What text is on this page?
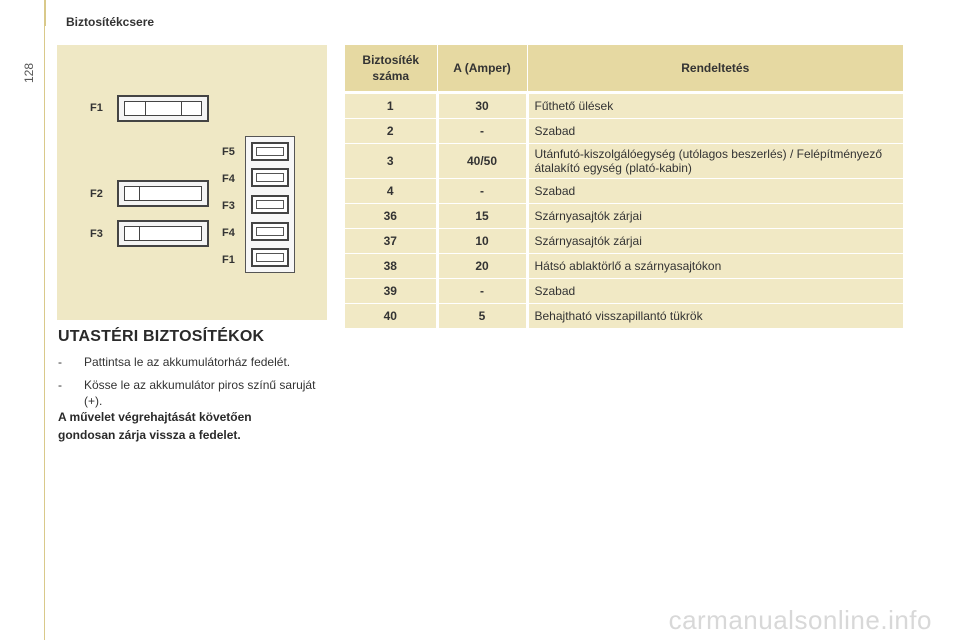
Biztosítékcsere
128
F1
F2
F3
F5
F4
F3
F4
F1
UTASTÉRI BIZTOSÍTÉKOK
- Pattintsa le az akkumulátorház fedelét.
- Kösse le az akkumulátor piros színű saruját (+).
A művelet végrehajtását követően
gondosan zárja vissza a fedelet.
Biztosíték száma	A (Amper)	Rendeltetés
1	30	Fűthető ülések
2	-	Szabad
3	40/50	Utánfutó-kiszolgálóegység (utólagos beszerlés) / Felépítményező átalakító egység (plató-kabin)
4	-	Szabad
36	15	Szárnyasajtók zárjai
37	10	Szárnyasajtók zárjai
38	20	Hátsó ablaktörlő a szárnyasajtókon
39	-	Szabad
40	5	Behajtható visszapillantó tükrök
carmanualsonline.info
